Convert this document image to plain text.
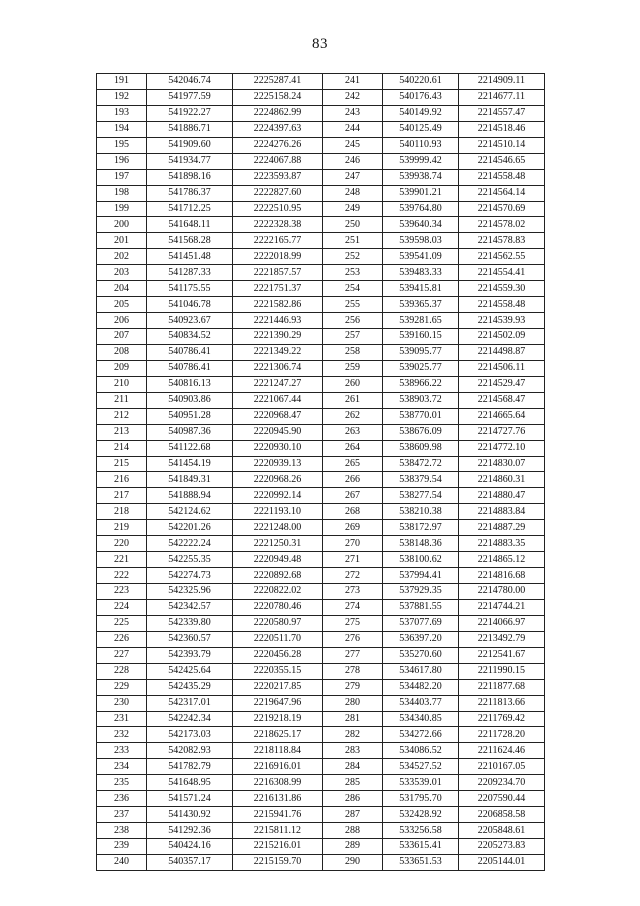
83
191	542046.74	2225287.41	241	540220.61	2214909.11
192	541977.59	2225158.24	242	540176.43	2214677.11
193	541922.27	2224862.99	243	540149.92	2214557.47
194	541886.71	2224397.63	244	540125.49	2214518.46
195	541909.60	2224276.26	245	540110.93	2214510.14
196	541934.77	2224067.88	246	539999.42	2214546.65
197	541898.16	2223593.87	247	539938.74	2214558.48
198	541786.37	2222827.60	248	539901.21	2214564.14
199	541712.25	2222510.95	249	539764.80	2214570.69
200	541648.11	2222328.38	250	539640.34	2214578.02
201	541568.28	2222165.77	251	539598.03	2214578.83
202	541451.48	2222018.99	252	539541.09	2214562.55
203	541287.33	2221857.57	253	539483.33	2214554.41
204	541175.55	2221751.37	254	539415.81	2214559.30
205	541046.78	2221582.86	255	539365.37	2214558.48
206	540923.67	2221446.93	256	539281.65	2214539.93
207	540834.52	2221390.29	257	539160.15	2214502.09
208	540786.41	2221349.22	258	539095.77	2214498.87
209	540786.41	2221306.74	259	539025.77	2214506.11
210	540816.13	2221247.27	260	538966.22	2214529.47
211	540903.86	2221067.44	261	538903.72	2214568.47
212	540951.28	2220968.47	262	538770.01	2214665.64
213	540987.36	2220945.90	263	538676.09	2214727.76
214	541122.68	2220930.10	264	538609.98	2214772.10
215	541454.19	2220939.13	265	538472.72	2214830.07
216	541849.31	2220968.26	266	538379.54	2214860.31
217	541888.94	2220992.14	267	538277.54	2214880.47
218	542124.62	2221193.10	268	538210.38	2214883.84
219	542201.26	2221248.00	269	538172.97	2214887.29
220	542222.24	2221250.31	270	538148.36	2214883.35
221	542255.35	2220949.48	271	538100.62	2214865.12
222	542274.73	2220892.68	272	537994.41	2214816.68
223	542325.96	2220822.02	273	537929.35	2214780.00
224	542342.57	2220780.46	274	537881.55	2214744.21
225	542339.80	2220580.97	275	537077.69	2214066.97
226	542360.57	2220511.70	276	536397.20	2213492.79
227	542393.79	2220456.28	277	535270.60	2212541.67
228	542425.64	2220355.15	278	534617.80	2211990.15
229	542435.29	2220217.85	279	534482.20	2211877.68
230	542317.01	2219647.96	280	534403.77	2211813.66
231	542242.34	2219218.19	281	534340.85	2211769.42
232	542173.03	2218625.17	282	534272.66	2211728.20
233	542082.93	2218118.84	283	534086.52	2211624.46
234	541782.79	2216916.01	284	534527.52	2210167.05
235	541648.95	2216308.99	285	533539.01	2209234.70
236	541571.24	2216131.86	286	531795.70	2207590.44
237	541430.92	2215941.76	287	532428.92	2206858.58
238	541292.36	2215811.12	288	533256.58	2205848.61
239	540424.16	2215216.01	289	533615.41	2205273.83
240	540357.17	2215159.70	290	533651.53	2205144.01
